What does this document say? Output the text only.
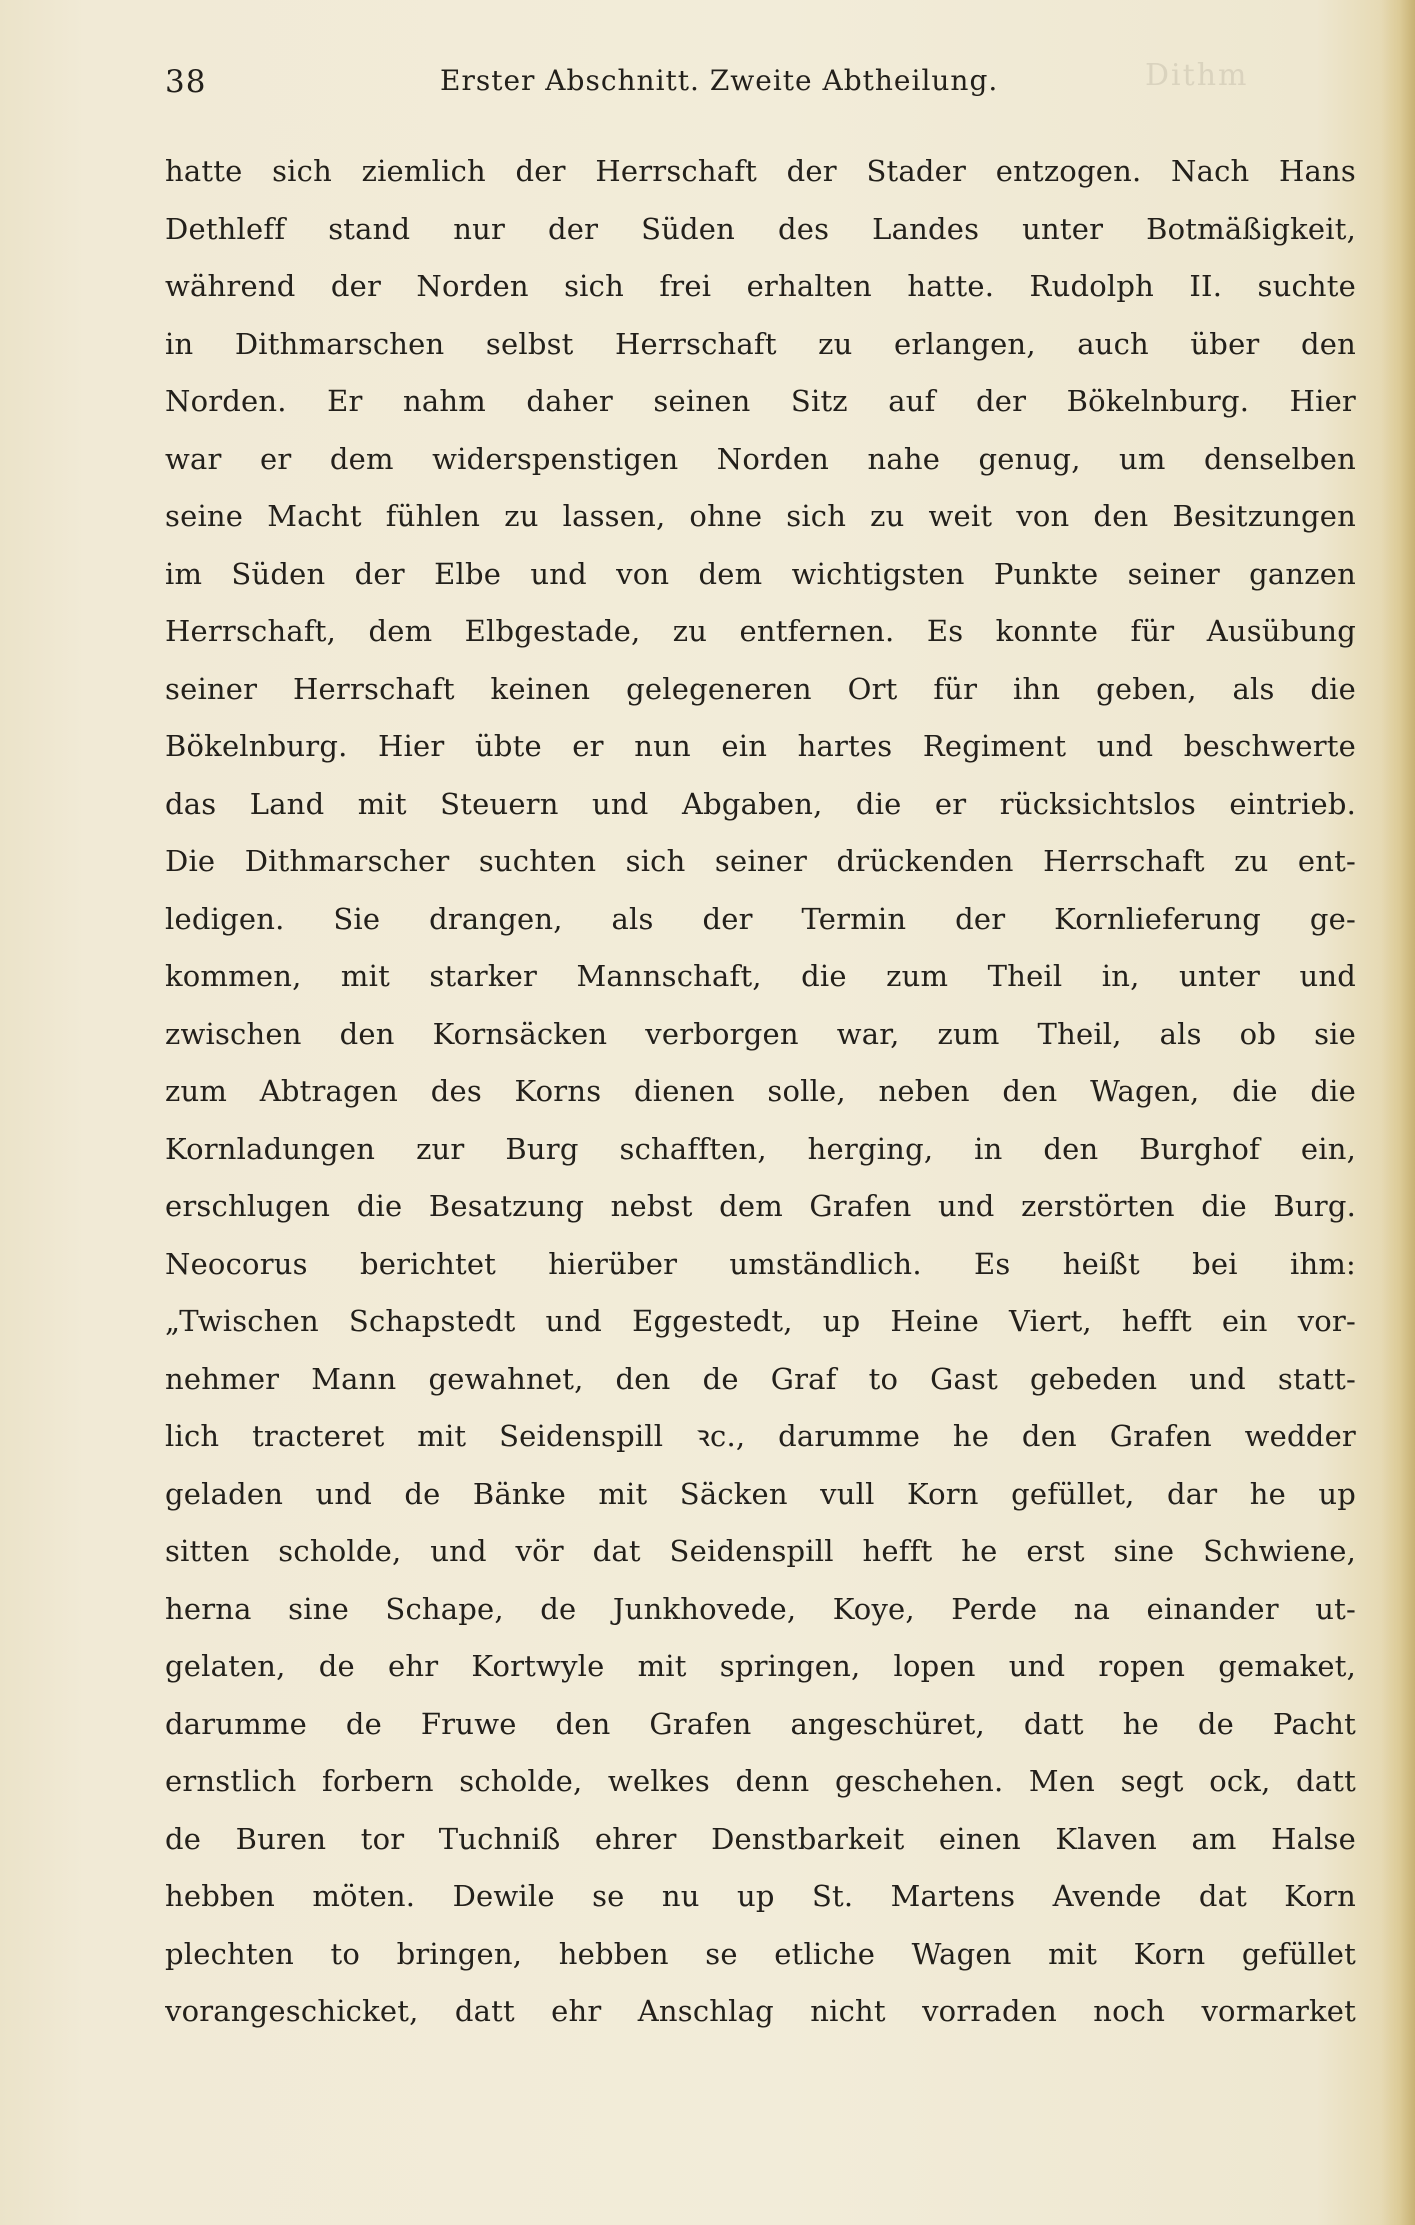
Dithm
38	Erster Abschnitt. Zweite Abtheilung.
hatte sich ziemlich der Herrschaft der Stader entzogen. Nach Hans
Dethleff stand nur der Süden des Landes unter Botmäßigkeit,
während der Norden sich frei erhalten hatte. Rudolph II. suchte
in Dithmarschen selbst Herrschaft zu erlangen, auch über den
Norden. Er nahm daher seinen Sitz auf der Bökelnburg. Hier
war er dem widerspenstigen Norden nahe genug, um denselben
seine Macht fühlen zu lassen, ohne sich zu weit von den Besitzungen
im Süden der Elbe und von dem wichtigsten Punkte seiner ganzen
Herrschaft, dem Elbgestade, zu entfernen. Es konnte für Ausübung
seiner Herrschaft keinen gelegeneren Ort für ihn geben, als die
Bökelnburg. Hier übte er nun ein hartes Regiment und beschwerte
das Land mit Steuern und Abgaben, die er rücksichtslos eintrieb.
Die Dithmarscher suchten sich seiner drückenden Herrschaft zu ent-
ledigen. Sie drangen, als der Termin der Kornlieferung ge-
kommen, mit starker Mannschaft, die zum Theil in, unter und
zwischen den Kornsäcken verborgen war, zum Theil, als ob sie
zum Abtragen des Korns dienen solle, neben den Wagen, die die
Kornladungen zur Burg schafften, herging, in den Burghof ein,
erschlugen die Besatzung nebst dem Grafen und zerstörten die Burg.
Neocorus berichtet hierüber umständlich. Es heißt bei ihm:
„Twischen Schapstedt und Eggestedt, up Heine Viert, hefft ein vor-
nehmer Mann gewahnet, den de Graf to Gast gebeden und statt-
lich tracteret mit Seidenspill ꝛc., darumme he den Grafen wedder
geladen und de Bänke mit Säcken vull Korn gefüllet, dar he up
sitten scholde, und vör dat Seidenspill hefft he erst sine Schwiene,
herna sine Schape, de Junkhovede, Koye, Perde na einander ut-
gelaten, de ehr Kortwyle mit springen, lopen und ropen gemaket,
darumme de Fruwe den Grafen angeschüret, datt he de Pacht
ernstlich forbern scholde, welkes denn geschehen. Men segt ock, datt
de Buren tor Tuchniß ehrer Denstbarkeit einen Klaven am Halse
hebben möten. Dewile se nu up St. Martens Avende dat Korn
plechten to bringen, hebben se etliche Wagen mit Korn gefüllet
vorangeschicket, datt ehr Anschlag nicht vorraden noch vormarket
